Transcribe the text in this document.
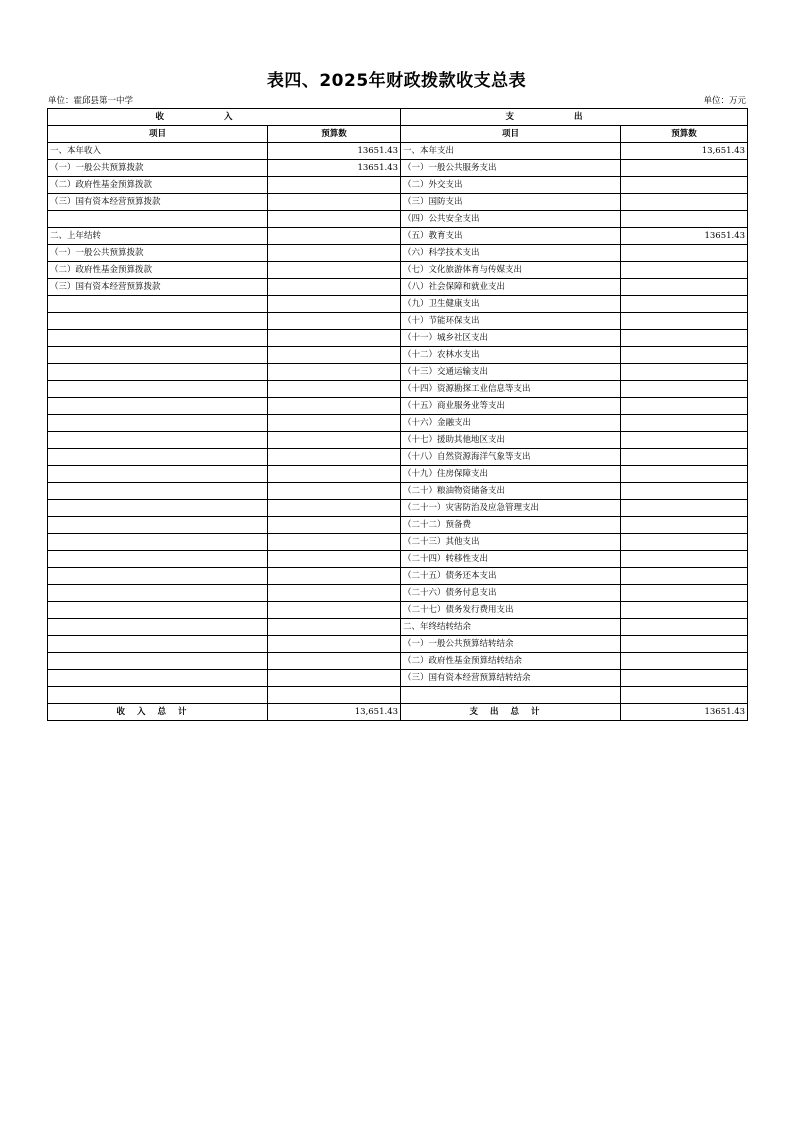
表四、2025年财政拨款收支总表
单位：霍邱县第一中学	单位：万元
收入		支出	
项目	预算数	项目	预算数
一、本年收入	13651.43	一、本年支出	13,651.43
（一）一般公共预算拨款	13651.43	（一）一般公共服务支出	
（二）政府性基金预算拨款		（二）外交支出	
（三）国有资本经营预算拨款		（三）国防支出	
		（四）公共安全支出	
二、上年结转		（五）教育支出	13651.43
（一）一般公共预算拨款		（六）科学技术支出	
（二）政府性基金预算拨款		（七）文化旅游体育与传媒支出	
（三）国有资本经营预算拨款		（八）社会保障和就业支出	
		（九）卫生健康支出	
		（十）节能环保支出	
		（十一）城乡社区支出	
		（十二）农林水支出	
		（十三）交通运输支出	
		（十四）资源勘探工业信息等支出	
		（十五）商业服务业等支出	
		（十六）金融支出	
		（十七）援助其他地区支出	
		（十八）自然资源海洋气象等支出	
		（十九）住房保障支出	
		（二十）粮油物资储备支出	
		（二十一）灾害防治及应急管理支出	
		（二十二）预备费	
		（二十三）其他支出	
		（二十四）转移性支出	
		（二十五）债务还本支出	
		（二十六）债务付息支出	
		（二十七）债务发行费用支出	
		二、年终结转结余	
		（一）一般公共预算结转结余	
		（二）政府性基金预算结转结余	
		（三）国有资本经营预算结转结余	

收入总计	13,651.43	支出总计	13651.43
